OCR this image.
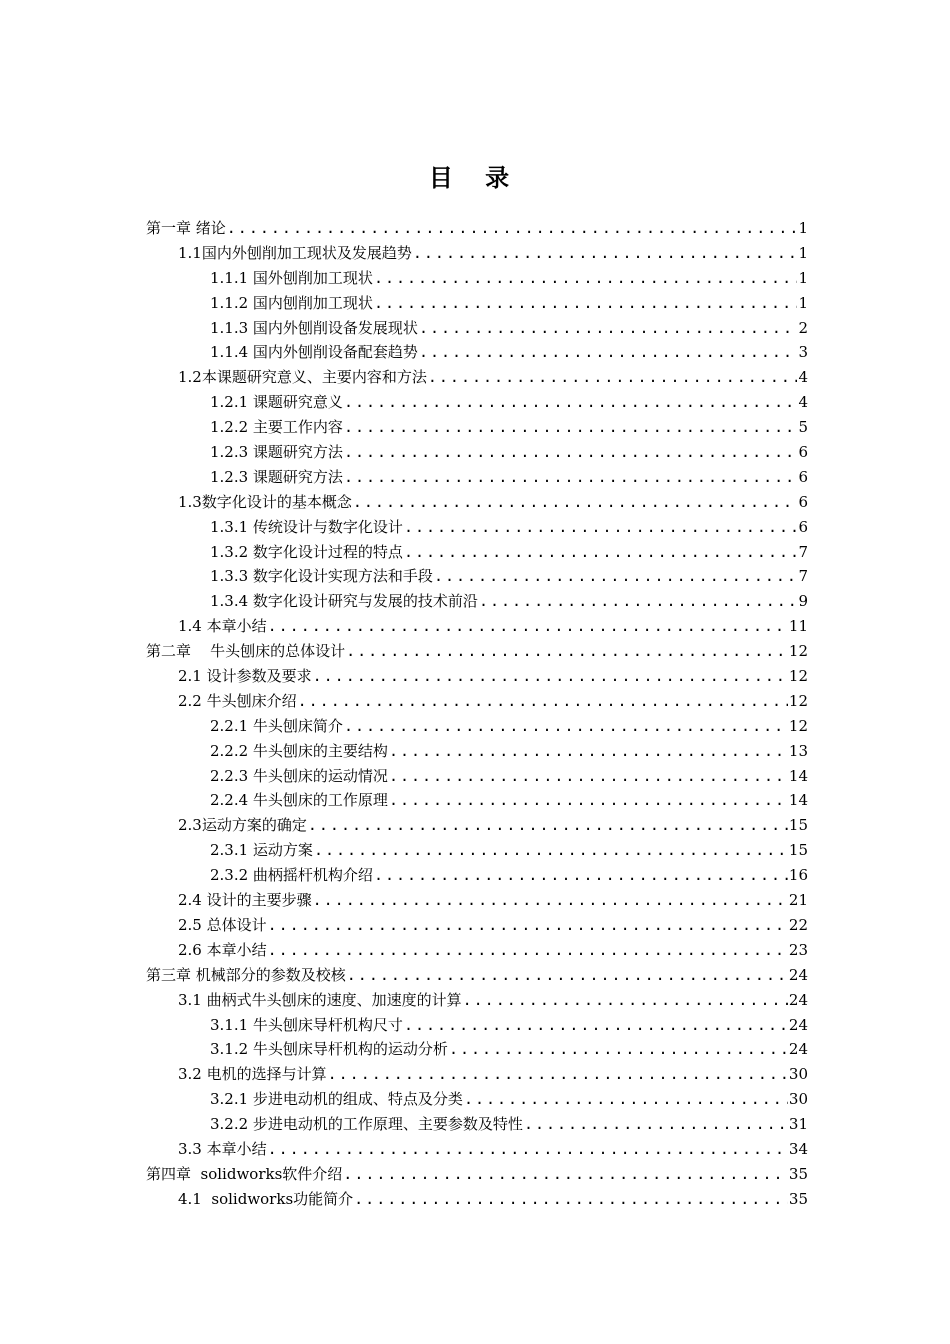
目 录
第一章 绪论 .....	1
1.1国内外刨削加工现状及发展趋势 .....	1
1.1.1 国外刨削加工现状 .....	1
1.1.2 国内刨削加工现状 .....	1
1.1.3 国内外刨削设备发展现状 .....	2
1.1.4 国内外刨削设备配套趋势 .....	3
1.2本课题研究意义、主要内容和方法 .....	4
1.2.1 课题研究意义 .....	4
1.2.2 主要工作内容 .....	5
1.2.3 课题研究方法 .....	6
1.2.3 课题研究方法 .....	6
1.3数字化设计的基本概念 .....	6
1.3.1 传统设计与数字化设计 .....	6
1.3.2 数字化设计过程的特点 .....	7
1.3.3 数字化设计实现方法和手段 .....	7
1.3.4 数字化设计研究与发展的技术前沿 .....	9
1.4 本章小结 .....	11
第二章    牛头刨床的总体设计 .....	12
2.1 设计参数及要求 .....	12
2.2 牛头刨床介绍 .....	12
2.2.1 牛头刨床简介 .....	12
2.2.2 牛头刨床的主要结构 .....	13
2.2.3 牛头刨床的运动情况 .....	14
2.2.4 牛头刨床的工作原理 .....	14
2.3运动方案的确定 .....	15
2.3.1 运动方案 .....	15
2.3.2 曲柄摇杆机构介绍 .....	16
2.4 设计的主要步骤 .....	21
2.5 总体设计 .....	22
2.6 本章小结 .....	23
第三章 机械部分的参数及校核 .....	24
3.1 曲柄式牛头刨床的速度、加速度的计算 .....	24
3.1.1 牛头刨床导杆机构尺寸 .....	24
3.1.2 牛头刨床导杆机构的运动分析 .....	24
3.2 电机的选择与计算 .....	30
3.2.1 步进电动机的组成、特点及分类 .....	30
3.2.2 步进电动机的工作原理、主要参数及特性 .....	31
3.3 本章小结 .....	34
第四章  solidworks软件介绍 .....	35
4.1  solidworks功能简介 .....	35
